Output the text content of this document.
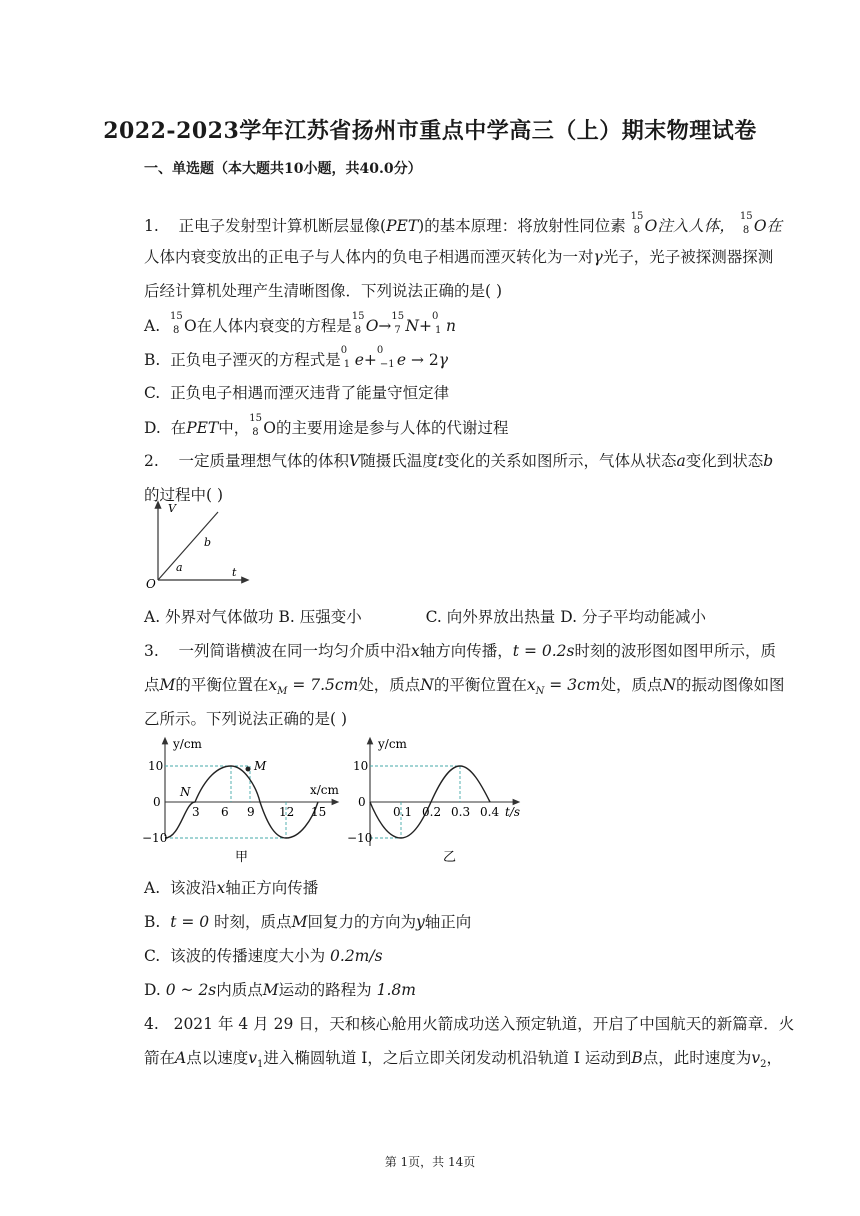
2022-2023学年江苏省扬州市重点中学高三（上）期末物理试卷
一、单选题（本大题共10小题，共40.0分）
1. 正电子发射型计算机断层显像(PET)的基本原理：将放射性同位素
15
8 O注入人体，
15
8 O在
人体内衰变放出的正电子与人体内的负电子相遇而湮灭转化为一对γ光子，光子被探测器探测
后经计算机处理产生清晰图像．下列说法正确的是( )
A.
15
8 O在人体内衰变的方程是
15
8 O→
15
7 N+
0
1 n
B. 正负电子湮灭的方程式是
0
1 e+
0
−1 e → 2γ
C. 正负电子相遇而湮灭违背了能量守恒定律
D. 在PET中，
15
8 O的主要用途是参与人体的代谢过程
2. 一定质量理想气体的体积V随摄氏温度t变化的关系如图所示，气体从状态a变化到状态b
的过程中( )
V
t
O
a
b
A. 外界对气体做功 B. 压强变小	C. 向外界放出热量 D. 分子平均动能减小
3. 一列简谐横波在同一均匀介质中沿x轴方向传播，t = 0.2s时刻的波形图如图甲所示，质
点M的平衡位置在$x_M = 7.5cm$处，质点N的平衡位置在$x_N = 3cm$处，质点N的振动图像如图
乙所示。下列说法正确的是( )
y/cm
x/cm
10
0
−10
3 6 9 12 15
N
M
甲
y/cm
t/s
10
0
−10
0.1 0.2 0.3 0.4
乙
A. 该波沿x轴正方向传播
B. t = 0 时刻，质点M回复力的方向为y轴正向
C. 该波的传播速度大小为 0.2m/s
D. 0 ~ 2s内质点M运动的路程为 1.8m
4. 2021 年 4 月 29 日，天和核心舱用火箭成功送入预定轨道，开启了中国航天的新篇章．火
箭在A点以速度$v_1$进入椭圆轨道 I，之后立即关闭发动机沿轨道 I 运动到B点，此时速度为$v_2$，
第 1页，共 14页
